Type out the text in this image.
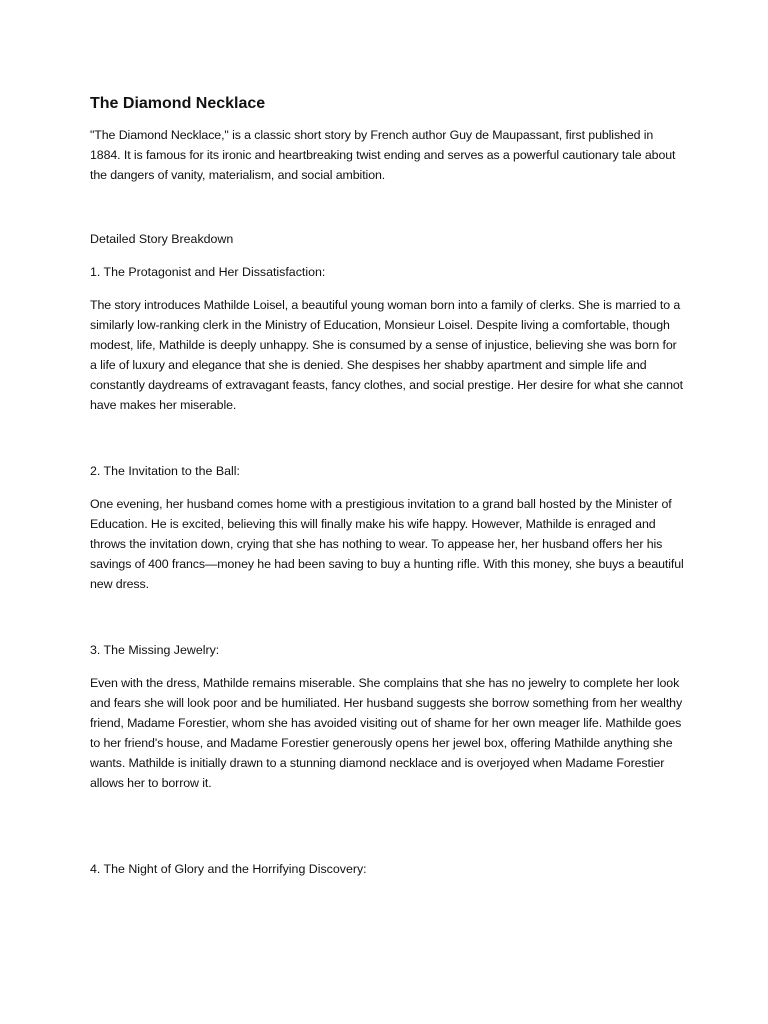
The Diamond Necklace

"The Diamond Necklace," is a classic short story by French author Guy de Maupassant, first published in 1884. It is famous for its ironic and heartbreaking twist ending and serves as a powerful cautionary tale about the dangers of vanity, materialism, and social ambition.

Detailed Story Breakdown

1. The Protagonist and Her Dissatisfaction:

The story introduces Mathilde Loisel, a beautiful young woman born into a family of clerks. She is married to a similarly low-ranking clerk in the Ministry of Education, Monsieur Loisel. Despite living a comfortable, though modest, life, Mathilde is deeply unhappy. She is consumed by a sense of injustice, believing she was born for a life of luxury and elegance that she is denied. She despises her shabby apartment and simple life and constantly daydreams of extravagant feasts, fancy clothes, and social prestige. Her desire for what she cannot have makes her miserable.

2. The Invitation to the Ball:

One evening, her husband comes home with a prestigious invitation to a grand ball hosted by the Minister of Education. He is excited, believing this will finally make his wife happy. However, Mathilde is enraged and throws the invitation down, crying that she has nothing to wear. To appease her, her husband offers her his savings of 400 francs—money he had been saving to buy a hunting rifle. With this money, she buys a beautiful new dress.

3. The Missing Jewelry:

Even with the dress, Mathilde remains miserable. She complains that she has no jewelry to complete her look and fears she will look poor and be humiliated. Her husband suggests she borrow something from her wealthy friend, Madame Forestier, whom she has avoided visiting out of shame for her own meager life. Mathilde goes to her friend's house, and Madame Forestier generously opens her jewel box, offering Mathilde anything she wants. Mathilde is initially drawn to a stunning diamond necklace and is overjoyed when Madame Forestier allows her to borrow it.

4. The Night of Glory and the Horrifying Discovery:
